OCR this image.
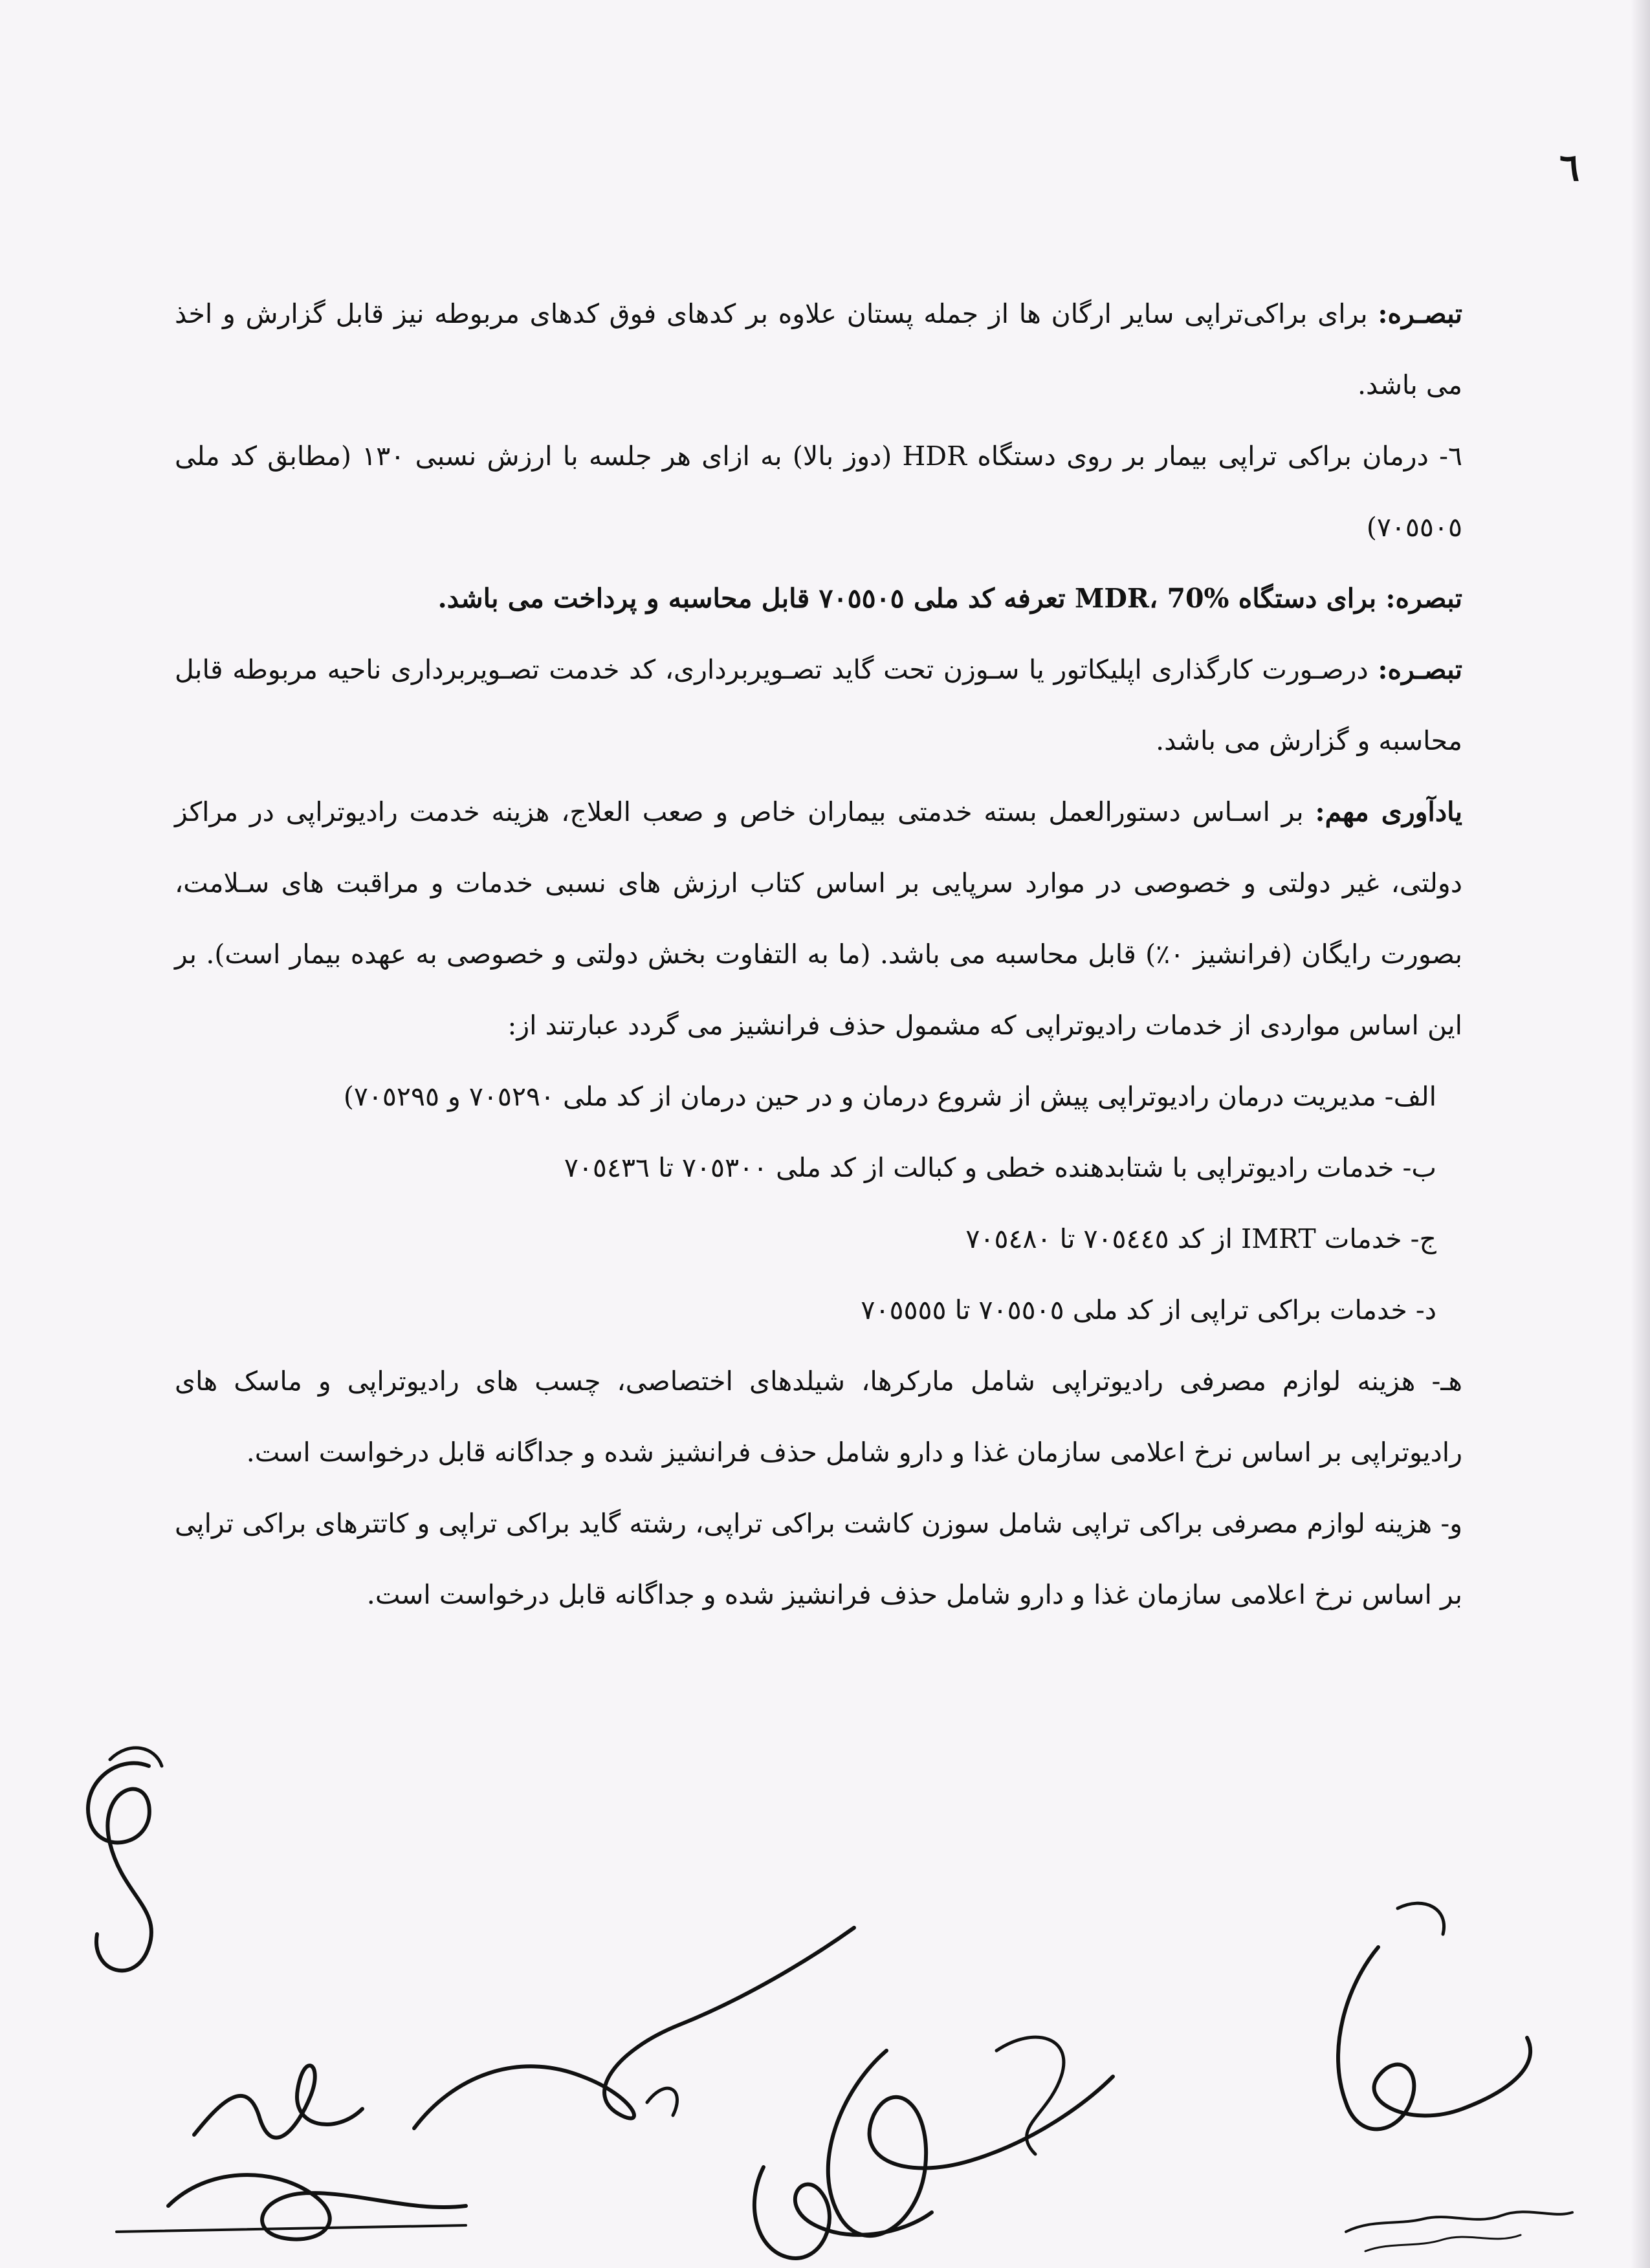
٦

تبصـره: برای براکی‌تراپی سایر ارگان ها از جمله پستان علاوه بر کدهای فوق کدهای مربوطه نیز قابل گزارش و اخذ می باشد.

٦- درمان براکی تراپی بیمار بر روی دستگاه HDR (دوز بالا) به ازای هر جلسه با ارزش نسبی ١٣٠ (مطابق کد ملی ٧٠٥٥٠٥)

تبصره: برای دستگاه MDR، 70% تعرفه کد ملی ٧٠٥٥٠٥ قابل محاسبه و پرداخت می باشد.

تبصـره: درصـورت کارگذاری اپلیکاتور یا سـوزن تحت گاید تصـویربرداری، کد خدمت تصـویربرداری ناحیه مربوطه قابل محاسبه و گزارش می باشد.

یادآوری مهم: بر اسـاس دستورالعمل بسته خدمتی بیماران خاص و صعب العلاج، هزینه خدمت رادیوتراپی در مراکز دولتی، غیر دولتی و خصوصی در موارد سرپایی بر اساس کتاب ارزش های نسبی خدمات و مراقبت های سـلامت، بصورت رایگان (فرانشیز ٠٪) قابل محاسبه می باشد. (ما به التفاوت بخش دولتی و خصوصی به عهده بیمار است). بر این اساس مواردی از خدمات رادیوتراپی که مشمول حذف فرانشیز می گردد عبارتند از:

الف- مدیریت درمان رادیوتراپی پیش از شروع درمان و در حین درمان از کد ملی ٧٠٥٢٩٠ و ٧٠٥٢٩٥)

ب- خدمات رادیوتراپی با شتابدهنده خطی و کبالت از کد ملی ٧٠٥٣٠٠ تا ٧٠٥٤٣٦

ج- خدمات IMRT از کد ٧٠٥٤٤٥ تا ٧٠٥٤٨٠

د- خدمات براکی تراپی از کد ملی ٧٠٥٥٠٥ تا ٧٠٥٥٥٥

هـ- هزینه لوازم مصرفی رادیوتراپی شامل مارکرها، شیلدهای اختصاصی، چسب های رادیوتراپی و ماسک های رادیوتراپی بر اساس نرخ اعلامی سازمان غذا و دارو شامل حذف فرانشیز شده و جداگانه قابل درخواست است.

و- هزینه لوازم مصرفی براکی تراپی شامل سوزن کاشت براکی تراپی، رشته گاید براکی تراپی و کاتترهای براکی تراپی بر اساس نرخ اعلامی سازمان غذا و دارو شامل حذف فرانشیز شده و جداگانه قابل درخواست است.
